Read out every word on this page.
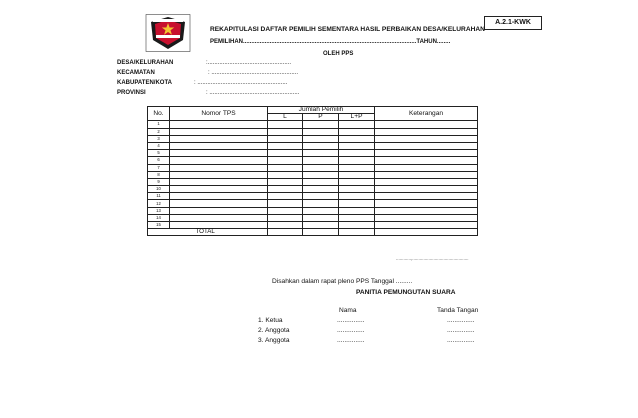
A.2.1-KWK
REKAPITULASI DAFTAR PEMILIH SEMENTARA HASIL PERBAIKAN DESA/KELURAHAN
PEMILIHAN........................................................................................................TAHUN........
OLEH PPS
DESA/KELURAHAN	:..................................................
KECAMATAN	: ....................................................
KABUPATEN/KOTA	: ......................................................
PROVINSI	: ......................................................
No.	Nomor TPS	Jumlah Pemilih			Keterangan
		L	P	L+P	
1					
2					
3					
4					
5					
6					
7					
8					
9					
10					
11					
12					
13					
14					
15					
	TOTAL				
............,.............................................
Disahkan dalam rapat pleno PPS Tanggal .........
PANITIA PEMUNGUTAN SUARA
Nama	Tanda Tangan
1. Ketua	...............	...............
2. Anggota	...............	...............
3. Anggota	...............	...............
